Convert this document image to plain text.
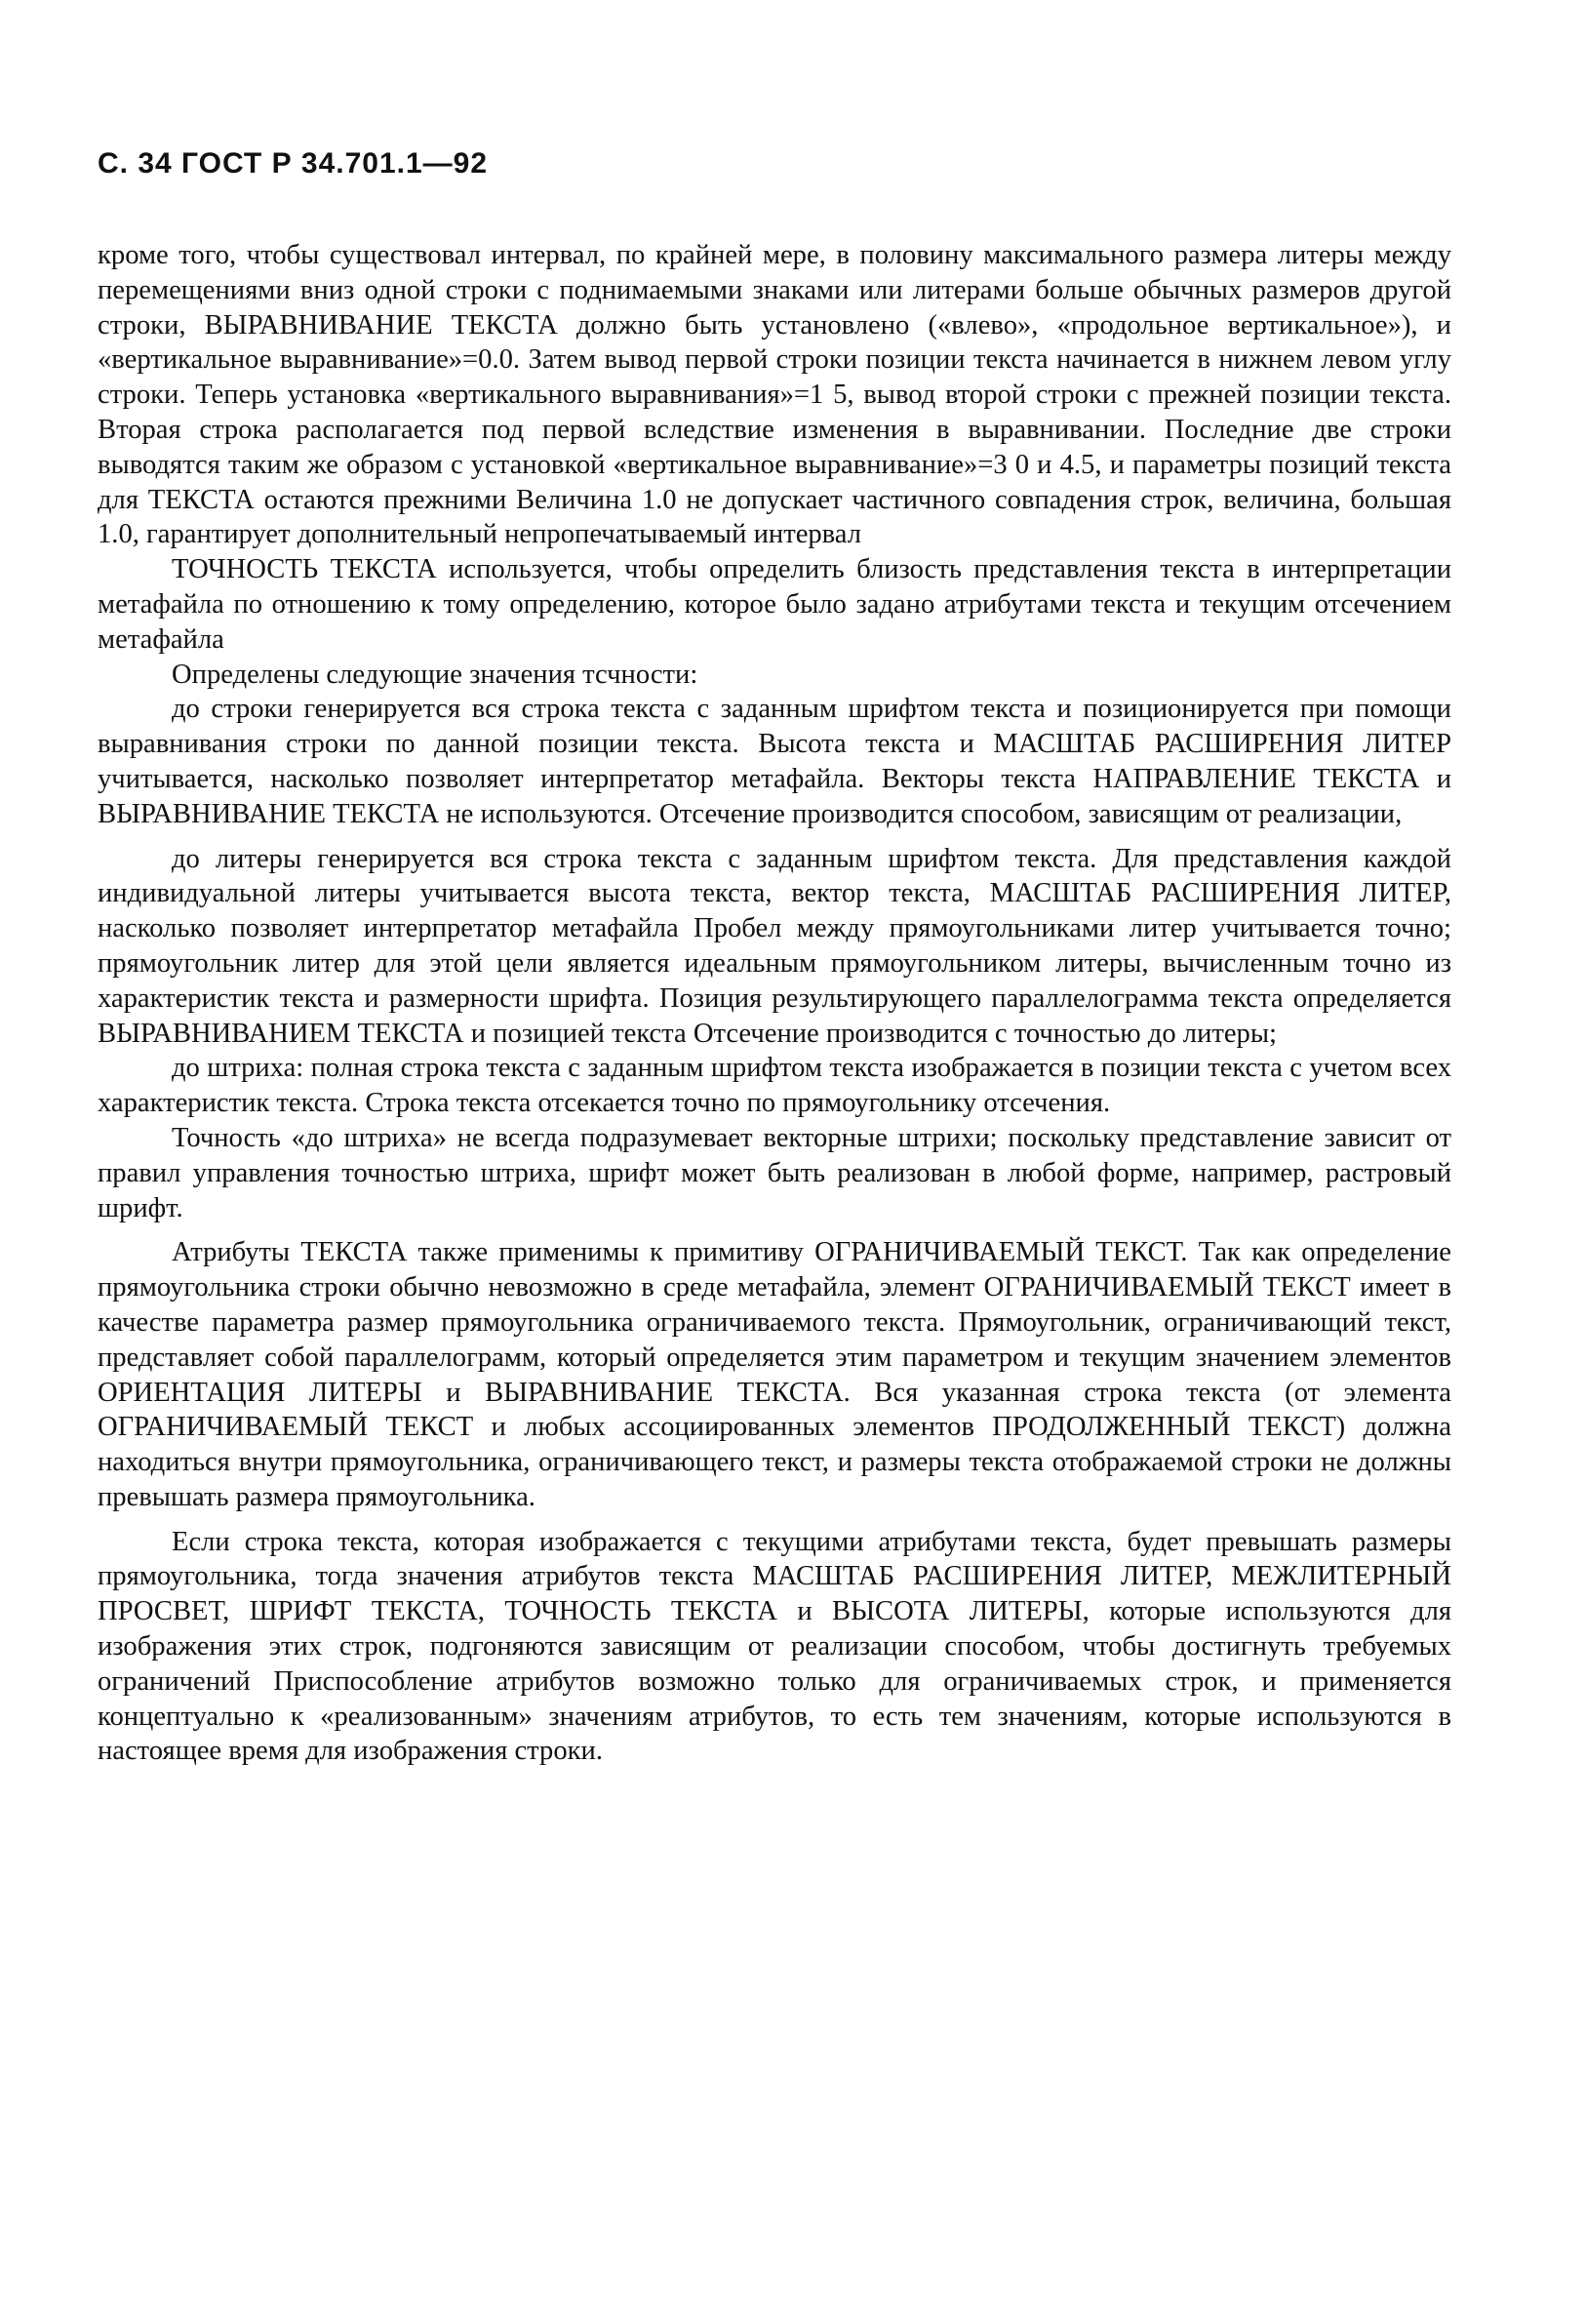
С. 34 ГОСТ Р 34.701.1—92

кроме того, чтобы существовал интервал, по крайней мере, в половину максимального размера литеры между перемещениями вниз одной строки с поднимаемыми знаками или литерами больше обычных размеров другой строки, ВЫРАВНИВАНИЕ ТЕКСТА должно быть установлено («влево», «продольное вертикальное»), и «вертикальное выравнивание»=0.0. Затем вывод первой строки позиции текста начинается в нижнем левом углу строки. Теперь установка «вертикального выравнивания»=1 5, вывод второй строки с прежней позиции текста. Вторая строка располагается под первой вследствие изменения в выравнивании. Последние две строки выводятся таким же образом с установкой «вертикальное выравнивание»=3 0 и 4.5, и параметры позиций текста для ТЕКСТА остаются прежними Величина 1.0 не допускает частичного совпадения строк, величина, большая 1.0, гарантирует дополнительный непропечатываемый интервал

ТОЧНОСТЬ ТЕКСТА используется, чтобы определить близость представления текста в интерпретации метафайла по отношению к тому определению, которое было задано атрибутами текста и текущим отсечением метафайла

Определены следующие значения тсчности:

до строки генерируется вся строка текста с заданным шрифтом текста и позиционируется при помощи выравнивания строки по данной позиции текста. Высота текста и МАСШТАБ РАСШИРЕНИЯ ЛИТЕР учитывается, насколько позволяет интерпретатор метафайла. Векторы текста НАПРАВЛЕНИЕ ТЕКСТА и ВЫРАВНИВАНИЕ ТЕКСТА не используются. Отсечение производится способом, зависящим от реализации,

до литеры генерируется вся строка текста с заданным шрифтом текста. Для представления каждой индивидуальной литеры учитывается высота текста, вектор текста, МАСШТАБ РАСШИРЕНИЯ ЛИТЕР, насколько позволяет интерпретатор метафайла Пробел между прямоугольниками литер учитывается точно; прямоугольник литер для этой цели является идеальным прямоугольником литеры, вычисленным точно из характеристик текста и размерности шрифта. Позиция результирующего параллелограмма текста определяется ВЫРАВНИВАНИЕМ ТЕКСТА и позицией текста Отсечение производится с точностью до литеры;

до штриха: полная строка текста с заданным шрифтом текста изображается в позиции текста с учетом всех характеристик текста. Строка текста отсекается точно по прямоугольнику отсечения.

Точность «до штриха» не всегда подразумевает векторные штрихи; поскольку представление зависит от правил управления точностью штриха, шрифт может быть реализован в любой форме, например, растровый шрифт.

Атрибуты ТЕКСТА также применимы к примитиву ОГРАНИЧИВАЕМЫЙ ТЕКСТ. Так как определение прямоугольника строки обычно невозможно в среде метафайла, элемент ОГРАНИЧИВАЕМЫЙ ТЕКСТ имеет в качестве параметра размер прямоугольника ограничиваемого текста. Прямоугольник, ограничивающий текст, представляет собой параллелограмм, который определяется этим параметром и текущим значением элементов ОРИЕНТАЦИЯ ЛИТЕРЫ и ВЫРАВНИВАНИЕ ТЕКСТА. Вся указанная строка текста (от элемента ОГРАНИЧИВАЕМЫЙ ТЕКСТ и любых ассоциированных элементов ПРОДОЛЖЕННЫЙ ТЕКСТ) должна находиться внутри прямоугольника, ограничивающего текст, и размеры текста отображаемой строки не должны превышать размера прямоугольника.

Если строка текста, которая изображается с текущими атрибутами текста, будет превышать размеры прямоугольника, тогда значения атрибутов текста МАСШТАБ РАСШИРЕНИЯ ЛИТЕР, МЕЖЛИТЕРНЫЙ ПРОСВЕТ, ШРИФТ ТЕКСТА, ТОЧНОСТЬ ТЕКСТА и ВЫСОТА ЛИТЕРЫ, которые используются для изображения этих строк, подгоняются зависящим от реализации способом, чтобы достигнуть требуемых ограничений Приспособление атрибутов возможно только для ограничиваемых строк, и применяется концептуально к «реализованным» значениям атрибутов, то есть тем значениям, которые используются в настоящее время для изображения строки.
